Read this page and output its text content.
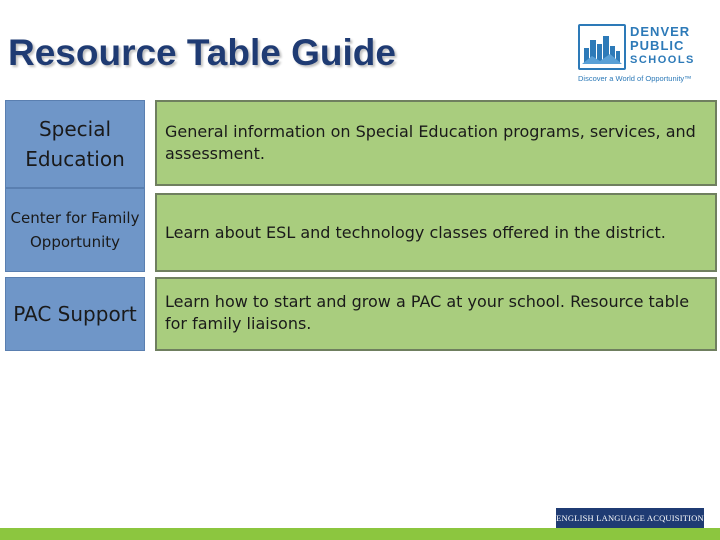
Resource Table Guide
DENVER
PUBLIC
SCHOOLS
Discover a World of Opportunity™
Special Education
General information on Special Education programs, services, and assessment.
Center for Family Opportunity
Learn about ESL and technology classes offered in the district.
PAC Support	Learn how to start and grow a PAC at your school. Resource table for family liaisons.
ENGLISH LANGUAGE ACQUISITION
